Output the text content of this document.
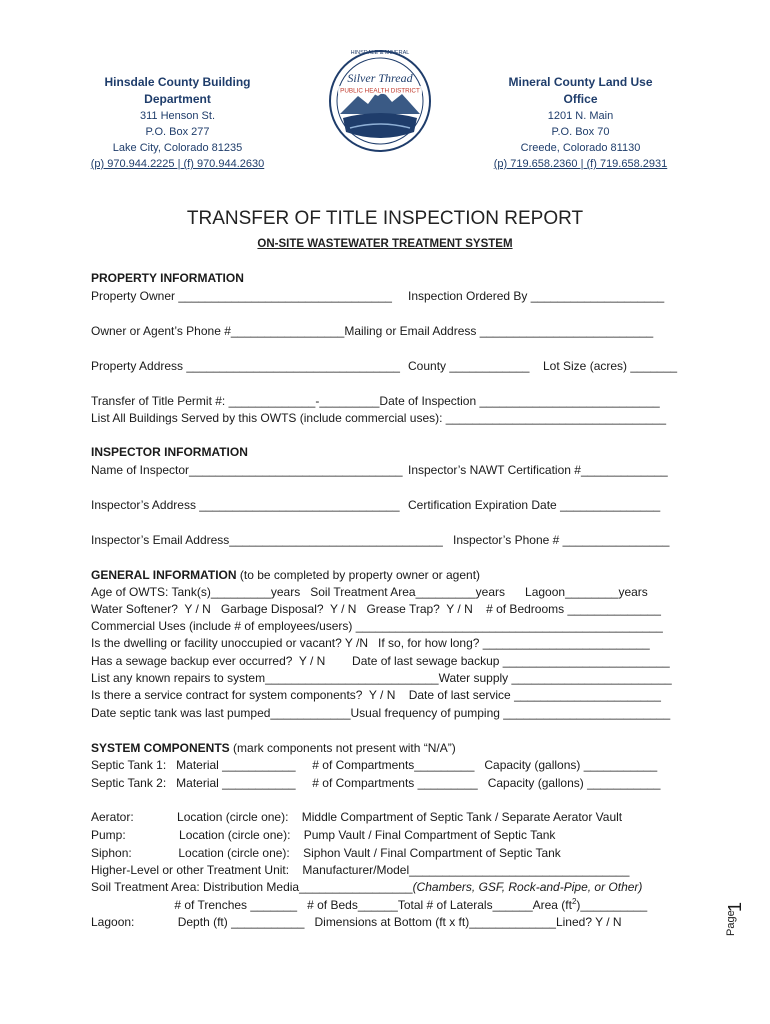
Hinsdale County Building
Department
311 Henson St.
P.O. Box 277
Lake City, Colorado 81235
(p) 970.944.2225 | (f) 970.944.2630
HINSDALE & MINERAL
Silver Thread
PUBLIC HEALTH DISTRICT
Mineral County Land Use
Office
1201 N. Main
P.O. Box 70
Creede, Colorado 81130
(p) 719.658.2360 | (f) 719.658.2931
TRANSFER OF TITLE INSPECTION REPORT
ON-SITE WASTEWATER TREATMENT SYSTEM
PROPERTY INFORMATION
Property Owner ________________________________ Inspection Ordered By ____________________
Owner or Agent’s Phone #_________________Mailing or Email Address __________________________
Property Address ________________________________ County ____________ Lot Size (acres) _______
Transfer of Title Permit #: _____________-_________Date of Inspection ___________________________
List All Buildings Served by this OWTS (include commercial uses): _________________________________
INSPECTOR INFORMATION
Name of Inspector________________________________ Inspector’s NAWT Certification #_____________
Inspector’s Address ______________________________ Certification Expiration Date _______________
Inspector’s Email Address________________________________ Inspector’s Phone # ________________
GENERAL INFORMATION (to be completed by property owner or agent)
Age of OWTS: Tank(s)_________years   Soil Treatment Area_________years      Lagoon________years
Water Softener?  Y / N   Garbage Disposal?  Y / N   Grease Trap?  Y / N    # of Bedrooms ______________
Commercial Uses (include # of employees/users) ______________________________________________
Is the dwelling or facility unoccupied or vacant? Y /N   If so, for how long? _________________________
Has a sewage backup ever occurred?  Y / N        Date of last sewage backup _________________________
List any known repairs to system__________________________Water supply ________________________
Is there a service contract for system components?  Y / N    Date of last service ______________________
Date septic tank was last pumped____________Usual frequency of pumping _________________________
SYSTEM COMPONENTS (mark components not present with “N/A”)
Septic Tank 1:   Material ___________     # of Compartments_________   Capacity (gallons) ___________
Septic Tank 2:   Material ___________     # of Compartments _________   Capacity (gallons) ___________
Aerator:             Location (circle one):    Middle Compartment of Septic Tank / Separate Aerator Vault
Pump:                Location (circle one):    Pump Vault / Final Compartment of Septic Tank
Siphon:              Location (circle one):    Siphon Vault / Final Compartment of Septic Tank
Higher-Level or other Treatment Unit:    Manufacturer/Model_________________________________
Soil Treatment Area: Distribution Media_________________(Chambers, GSF, Rock-and-Pipe, or Other)
# of Trenches _______   # of Beds______Total # of Laterals______Area $(ft^2)\_\_\_\_\_\_\_\_\_\_$
Lagoon:             Depth (ft) ___________   Dimensions at Bottom (ft x ft)_____________Lined? Y / N	Page
1
